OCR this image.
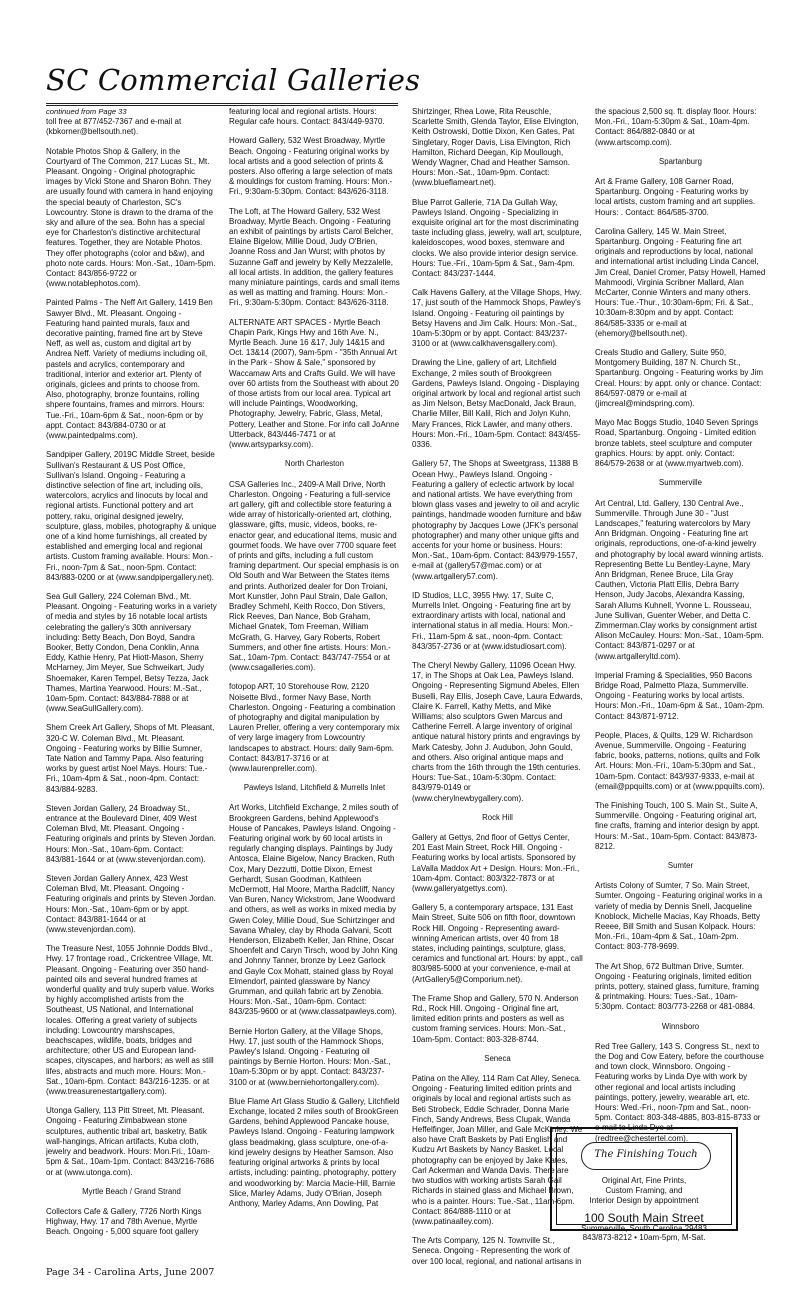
SC Commercial Galleries
continued from Page 33
toll free at 877/452-7367 and e-mail at (kbkorner@bellsouth.net).
Notable Photos Shop & Gallery, in the Courtyard of The Common, 217 Lucas St., Mt. Pleasant. Ongoing - Original photographic images by Vicki Stone and Sharon Bohn. They are usually found with camera in hand enjoying the special beauty of Charleston, SC's Lowcountry. Stone is drawn to the drama of the sky and allure of the sea. Bohn has a special eye for Charleston's distinctive architectural features. Together, they are Notable Photos. They offer photographs (color and b&w), and photo note cards. Hours: Mon.-Sat., 10am-5pm. Contact: 843/856-9722 or (www.notablephotos.com).
Painted Palms - The Neff Art Gallery, 1419 Ben Sawyer Blvd., Mt. Pleasant. Ongoing - Featuring hand painted murals, faux and decorative painting, framed fine art by Steve Neff, as well as, custom and digital art by Andrea Neff. Variety of mediums including oil, pastels and acrylics, contemporary and traditional, interior and exterior art. Plenty of originals, giclees and prints to choose from. Also, photography, bronze fountains, rolling shpere fountains, frames and mirrors. Hours: Tue.-Fri., 10am-6pm & Sat., noon-6pm or by appt. Contact: 843/884-0730 or at (www.paintedpalms.com).
Sandpiper Gallery, 2019C Middle Street, beside Sullivan's Restaurant & US Post Office, Sullivan's Island. Ongoing - Featuring a distinctive selection of fine art, including oils, watercolors, acrylics and linocuts by local and regional artists. Functional pottery and art pottery, raku, original designed jewelry, sculpture, glass, mobiles, photography & unique one of a kind home furnishings, all created by established and emerging local and regional artists. Custom framing available. Hours: Mon.-Fri., noon-7pm & Sat., noon-5pm. Contact: 843/883-0200 or at (www.sandpipergallery.net).
Sea Gull Gallery, 224 Coleman Blvd., Mt. Pleasant. Ongoing - Featuring works in a variety of media and styles by 16 notable local artists celebrating the gallery's 30th anniversary including: Betty Beach, Don Boyd, Sandra Booker, Betty Condon, Dena Conklin, Anna Eddy, Kathie Henry, Pat Hiott-Mason, Sherry McHarney, Jim Meyer, Sue Schweikart, Judy Shoemaker, Karen Tempel, Betsy Tezza, Jack Thames, Martina Yearwood. Hours: M.-Sat., 10am-5pm. Contact: 843/884-7888 or at (www.SeaGullGallery.com).
Shem Creek Art Gallery, Shops of Mt. Pleasant, 320-C W. Coleman Blvd., Mt. Pleasant. Ongoing - Featuring works by Billie Sumner, Tate Nation and Tammy Papa. Also featuring works by guest artist Noel Mays. Hours: Tue.-Fri., 10am-4pm & Sat., noon-4pm. Contact: 843/884-9283.
Steven Jordan Gallery, 24 Broadway St., entrance at the Boulevard Diner, 409 West Coleman Blvd, Mt. Pleasant. Ongoing - Featuring originals and prints by Steven Jordan. Hours: Mon.-Sat., 10am-6pm. Contact: 843/881-1644 or at (www.stevenjordan.com).
Steven Jordan Gallery Annex, 423 West Coleman Blvd, Mt. Pleasant. Ongoing - Featuring originals and prints by Steven Jordan. Hours: Mon.-Sat., 10am-6pm or by appt. Contact: 843/881-1644 or at (www.stevenjordan.com).
The Treasure Nest, 1055 Johnnie Dodds Blvd., Hwy. 17 frontage road., Crickentree Village, Mt. Pleasant. Ongoing - Featuring over 350 hand-painted oils and several hundred frames at wonderful quality and truly superb value. Works by highly accomplished artists from the Southeast, US National, and International locales. Offering a great variety of subjects including: Lowcountry marshscapes, beachscapes, wildlife, boats, bridges and architecture; other US and European land-scapes, cityscapes, and harbors; as well as still lifes, abstracts and much more. Hours: Mon.-Sat., 10am-6pm. Contact: 843/216-1235. or at (www.treasurenestartgallery.com).
Utonga Gallery, 113 Pitt Street, Mt. Pleasant. Ongoing - Featuring Zimbabwean stone sculptures, authentic tribal art, basketry, Batik wall-hangings, African artifacts, Kuba cloth, jewelry and beadwork. Hours: Mon.Fri., 10am-5pm & Sat., 10am-1pm. Contact: 843/216-7686 or at (www.utonga.com).
Myrtle Beach / Grand Strand
Collectors Cafe & Gallery, 7726 North Kings Highway, Hwy. 17 and 78th Avenue, Myrtle Beach. Ongoing - 5,000 square foot gallery
featuring local and regional artists. Hours: Regular cafe hours. Contact: 843/449-9370.
Howard Gallery, 532 West Broadway, Myrtle Beach. Ongoing - Featuring original works by local artists and a good selection of prints & posters. Also offering a large selection of mats & mouldings for custom framing. Hours: Mon.-Fri., 9:30am-5:30pm. Contact: 843/626-3118.
The Loft, at The Howard Gallery, 532 West Broadway, Myrtle Beach. Ongoing - Featuring an exhibit of paintings by artists Carol Belcher, Elaine Bigelow, Millie Doud, Judy O'Brien, Joanne Ross and Jan Wurst; with photos by Suzanne Gaff and jewelry by Kelly Mezzalelle, all local artists. In addition, the gallery features many miniature paintings, cards and small items as well as matting and framing. Hours: Mon.-Fri., 9:30am-5:30pm. Contact: 843/626-3118.
ALTERNATE ART SPACES - Myrtle Beach Chapin Park, Kings Hwy and 16th Ave. N., Myrtle Beach. June 16 &17, July 14&15 and Oct. 13&14 (2007), 9am-5pm - "35th Annual Art in the Park - Show & Sale," sponsored by Waccamaw Arts and Crafts Guild. We will have over 60 artists from the Southeast with about 20 of those artists from our local area. Typical art will include Paintings, Woodworking, Photography, Jewelry, Fabric, Glass, Metal, Pottery, Leather and Stone. For info call JoAnne Utterback, 843/446-7471 or at (www.artsyparksy.com).
North Charleston
CSA Galleries Inc., 2409-A Mall Drive, North Charleston. Ongoing - Featuring a full-service art gallery, gift and collectible store featuring a wide array of historically-oriented art, clothing, glassware, gifts, music, videos, books, re-enactor gear, and educational items, music and gourmet foods. We have over 7700 square feet of prints and gifts, including a full custom framing department. Our special emphasis is on Old South and War Between the States items and prints. Authorized dealer for Don Troiani, Mort Kunstler, John Paul Strain, Dale Gallon, Bradley Schmehl, Keith Rocco, Don Stivers, Rick Reeves, Dan Nance, Bob Graham, Michael Gnatek, Tom Freeman, William McGrath, G. Harvey, Gary Roberts, Robert Summers, and other fine artists. Hours: Mon.-Sat., 10am-7pm. Contact: 843/747-7554 or at (www.csagalleries.com).
fotopop ART, 10 Storehouse Row, 2120 Noisette Blvd., former Navy Base, North Charleston. Ongoing - Featuring a combination of photography and digital manipulation by Lauren Preller, offering a very contemporary mix of very large imagery from Lowcountry landscapes to abstract. Hours: daily 9am-6pm. Contact: 843/817-3716 or at (www.laurenpreller.com).
Pawleys Island, Litchfield & Murrells Inlet
Art Works, Litchfield Exchange, 2 miles south of Brookgreen Gardens, behind Applewood's House of Pancakes, Pawleys Island. Ongoing - Featuring original work by 60 local artists in regularly changing displays. Paintings by Judy Antosca, Elaine Bigelow, Nancy Bracken, Ruth Cox, Mary Dezzutti, Dottie Dixon, Ernest Gerhardt, Susan Goodman, Kathleen McDermott, Hal Moore, Martha Radcliff, Nancy Van Buren, Nancy Wickstrom, Jane Woodward and others, as well as works in mixed media by Gwen Coley, Millie Doud, Sue Schirtzinger and Savana Whaley, clay by Rhoda Galvani, Scott Henderson, Elizabeth Keller, Jan Rhine, Oscar Shoenfelt and Caryn Tirsch, wood by John King and Johnny Tanner, bronze by Leez Garlock and Gayle Cox Mohatt, stained glass by Royal Elmendorf, painted glassware by Nancy Grumman, and quilah fabric art by Zenobia. Hours: Mon.-Sat., 10am-6pm. Contact: 843/235-9600 or at (www.classatpawleys.com).
Bernie Horton Gallery, at the Village Shops, Hwy. 17, just south of the Hammock Shops, Pawley's Island. Ongoing - Featuring oil paintings by Bernie Horton. Hours: Mon.-Sat., 10am-5:30pm or by appt. Contact: 843/237-3100 or at (www.berniehortongallery.com).
Blue Flame Art Glass Studio & Gallery, Litchfield Exchange, located 2 miles south of BrookGreen Gardens, behind Applewood Pancake house, Pawleys Island. Ongoing - Featuring lampwork glass beadmaking, glass sculpture, one-of-a-kind jewelry designs by Heather Samson. Also featuring original artworks & prints by local artists, including: painting, photography, pottery and woodworking by: Marcia Macie-Hill, Barnie Slice, Marley Adams, Judy O'Brian, Joseph Anthony, Marley Adams, Ann Dowling, Pat
Shirtzinger, Rhea Lowe, Rita Reuschle, Scarlette Smith, Glenda Taylor, Elise Elvington, Keith Ostrowski, Dottie Dixon, Ken Gates, Pat Singletary, Roger Davis, Lisa Elvington, Rich Hamilton, Richard Deegan, Kip Moullough, Wendy Wagner, Chad and Heather Samson. Hours: Mon.-Sat., 10am-9pm. Contact: (www.blueflameart.net).
Blue Parrot Gallerie, 71A Da Gullah Way, Pawleys Island. Ongoing - Specializing in exquisite original art for the most discriminating taste including glass, jewelry, wall art, sculpture, kaleidoscopes, wood boxes, stemware and clocks. We also provide interior design service. Hours: Tue.-Fri., 10am-5pm & Sat., 9am-4pm. Contact: 843/237-1444.
Calk Havens Gallery, at the Village Shops, Hwy. 17, just south of the Hammock Shops, Pawley's Island. Ongoing - Featuring oil paintings by Betsy Havens and Jim Calk. Hours: Mon.-Sat., 10am-5:30pm or by appt. Contact: 843/237-3100 or at (www.calkhavensgallery.com).
Drawing the Line, gallery of art, Litchfield Exchange, 2 miles south of Brookgreen Gardens, Pawleys Island. Ongoing - Displaying original artwork by local and regional artist such as Jim Nelson, Betsy MacDonald, Jack Braun, Charlie Miller, Bill Kalil, Rich and Jolyn Kuhn, Mary Frances, Rick Lawler, and many others. Hours: Mon.-Fri., 10am-5pm. Contact: 843/455-0336.
Gallery 57, The Shops at Sweetgrass, 11388 B Ocean Hwy., Pawleys Island. Ongoing - Featuring a gallery of eclectic artwork by local and national artists. We have everything from blown glass vases and jewelry to oil and acrylic paintings, handmade wooden furniture and b&w photography by Jacques Lowe (JFK's personal photographer) and many other unique gifts and accents for your home or business. Hours: Mon.-Sat., 10am-6pm. Contact: 843/979-1557, e-mail at (gallery57@mac.com) or at (www.artgallery57.com).
ID Studios, LLC, 3955 Hwy. 17, Suite C, Murrells Inlet. Ongoing - Featuring fine art by extraordinary artists with local, national and international status in all media. Hours: Mon.-Fri., 11am-5pm & sat., noon-4pm. Contact: 843/357-2736 or at (www.idstudiosart.com).
The Cheryl Newby Gallery, 11096 Ocean Hwy. 17, in The Shops at Oak Lea, Pawleys Island. Ongoing - Representing Sigmund Abeles, Ellen Buselli, Ray Ellis, Joseph Cave, Laura Edwards, Claire K. Farrell, Kathy Metts, and Mike Williams; also sculptors Gwen Marcus and Catherine Ferrell. A large inventory of original antique natural history prints and engravings by Mark Catesby, John J. Audubon, John Gould, and others. Also original antique maps and charts from the 16th through the 19th centuries. Hours: Tue-Sat., 10am-5:30pm. Contact: 843/979-0149 or (www.cherylnewbygallery.com).
Rock Hill
Gallery at Gettys, 2nd floor of Gettys Center, 201 East Main Street, Rock Hill. Ongoing - Featuring works by local artists. Sponsored by LaValla Maddox Art + Design. Hours: Mon.-Fri., 10am-4pm. Contact: 803/322-7873 or at (www.galleryatgettys.com).
Gallery 5, a contemporary artspace, 131 East Main Street, Suite 506 on fifth floor, downtown Rock Hill. Ongoing - Representing award-winning American artists, over 40 from 18 states, including paintings, sculpture, glass, ceramics and functional art. Hours: by appt., call 803/985-5000 at your convenience, e-mail at (ArtGallery5@Comporium.net).
The Frame Shop and Gallery, 570 N. Anderson Rd., Rock Hill. Ongoing - Original fine art, limited edition prints and posters as well as custom framing services. Hours: Mon.-Sat., 10am-5pm. Contact: 803-328-8744.
Seneca
Patina on the Alley, 114 Ram Cat Alley, Seneca. Ongoing - Featuring limited edition prints and originals by local and regional artists such as Beti Strobeck, Eddie Schrader, Donna Marie Finch, Sandy Andrews, Bess Clupak, Wanda Heffelfinger, Joan Miller, and Gale McKinley. We also have Craft Baskets by Pati English and Kudzu Art Baskets by Nancy Basket. Local photography can be enjoyed by Jake Kates, Carl Ackerman and Wanda Davis. There are two studios with working artists Sarah Gail Richards in stained glass and Michael Brown, who is a painter. Hours: Tue.-Sat., 11am-6pm. Contact: 864/888-1110 or at (www.patinaalley.com).
The Arts Company, 125 N. Townville St., Seneca. Ongoing - Representing the work of over 100 local, regional, and national artisans in
the spacious 2,500 sq. ft. display floor. Hours: Mon.-Fri., 10am-5:30pm & Sat., 10am-4pm. Contact: 864/882-0840 or at (www.artscomp.com).
Spartanburg
Art & Frame Gallery, 108 Garner Road, Spartanburg. Ongoing - Featuring works by local artists, custom framing and art supplies. Hours: . Contact: 864/585-3700.
Carolina Gallery, 145 W. Main Street, Spartanburg. Ongoing - Featuring fine art originals and reproductions by local, national and international artist including Linda Cancel, Jim Creal, Daniel Cromer, Patsy Howell, Hamed Mahmoodi, Virginia Scribner Mallard, Alan McCarter, Connie Winters and many others. Hours: Tue.-Thur., 10:30am-6pm; Fri. & Sat., 10:30am-8:30pm and by appt. Contact: 864/585-3335 or e-mail at (ehemory@bellsouth.net).
Creals Studio and Gallery, Suite 950, Montgomery Building, 187 N. Church St., Spartanburg. Ongoing - Featuring works by Jim Creal. Hours: by appt. only or chance. Contact: 864/597-0879 or e-mail at (jimcreal@mindspring.com).
Mayo Mac Boggs Studio, 1040 Seven Springs Road, Spartanburg. Ongoing - Limited edition bronze tablets, steel sculpture and computer graphics. Hours: by appt. only. Contact: 864/579-2638 or at (www.myartweb.com).
Summerville
Art Central, Ltd. Gallery, 130 Central Ave., Summerville. Through June 30 - "Just Landscapes," featuring watercolors by Mary Ann Bridgman. Ongoing - Featuring fine art originals, reproductions, one-of-a-kind jewelry and photography by local award winning artists. Representing Bette Lu Bentley-Layne, Mary Ann Bridgman, Renee Bruce, Lila Gray Cauthen, Victoria Platt Ellis, Debra Barry Henson, Judy Jacobs, Alexandra Kassing, Sarah Allums Kuhnell, Yvonne L. Rousseau, June Sullivan, Guenter Weber, and Detta C. Zimmerman.Clay works by consignment artist Alison McCauley. Hours: Mon.-Sat., 10am-5pm. Contact: 843/871-0297 or at (www.artgalleryltd.com).
Imperial Framing & Specialities, 950 Bacons Bridge Road, Palmetto Plaza, Summerville. Ongoing - Featuring works by local artists. Hours: Mon.-Fri., 10am-6pm & Sat., 10am-2pm. Contact: 843/871-9712.
People, Places, & Quilts, 129 W. Richardson Avenue, Summerville. Ongoing - Featuring fabric, books, patterns, notions, quilts and Folk Art. Hours: Mon.-Fri., 10am-5:30pm and Sat., 10am-5pm. Contact: 843/937-9333, e-mail at (email@ppquilts.com) or at (www.ppquilts.com).
The Finishing Touch, 100 S. Main St., Suite A, Summerville. Ongoing - Featuring original art, fine crafts, framing and interior design by appt. Hours: M.-Sat., 10am-5pm. Contact: 843/873-8212.
Sumter
Artists Colony of Sumter, 7 So. Main Street, Sumter. Ongoing - Featuring original works in a variety of media by Dennis Snell, Jacqueline Knoblock, Michelle Macias, Kay Rhoads, Betty Reeee, Bill Smith and Susan Kolpack. Hours: Mon.-Fri., 10am-4pm & Sat., 10am-2pm. Contact: 803-778-9699.
The Art Shop, 672 Bultman Drive, Sumter. Ongoing - Featuring originals, limited edition prints, pottery, stained glass, furniture, framing & printmaking. Hours: Tues.-Sat., 10am-5:30pm. Contact: 803/773-2268 or 481-0884.
Winnsboro
Red Tree Gallery, 143 S. Congress St., next to the Dog and Cow Eatery, before the courthouse and town clock, Winnsboro. Ongoing - Featuring works by Linda Dye with work by other regional and local artists including paintings, pottery, jewelry, wearable art, etc. Hours: Wed.-Fri., noon-7pm and Sat., noon-5pm. Contact: 803-348-4885, 803-815-8733 or e-mail to Linda Dye at (redtree@chestertel.com).
The Finishing Touch
Original Art, Fine Prints,
Custom Framing, and
Interior Design by appointment
100 South Main Street
Summerville, South Carolina 29483
843/873-8212 • 10am-5pm, M-Sat.
Page 34 - Carolina Arts, June 2007
